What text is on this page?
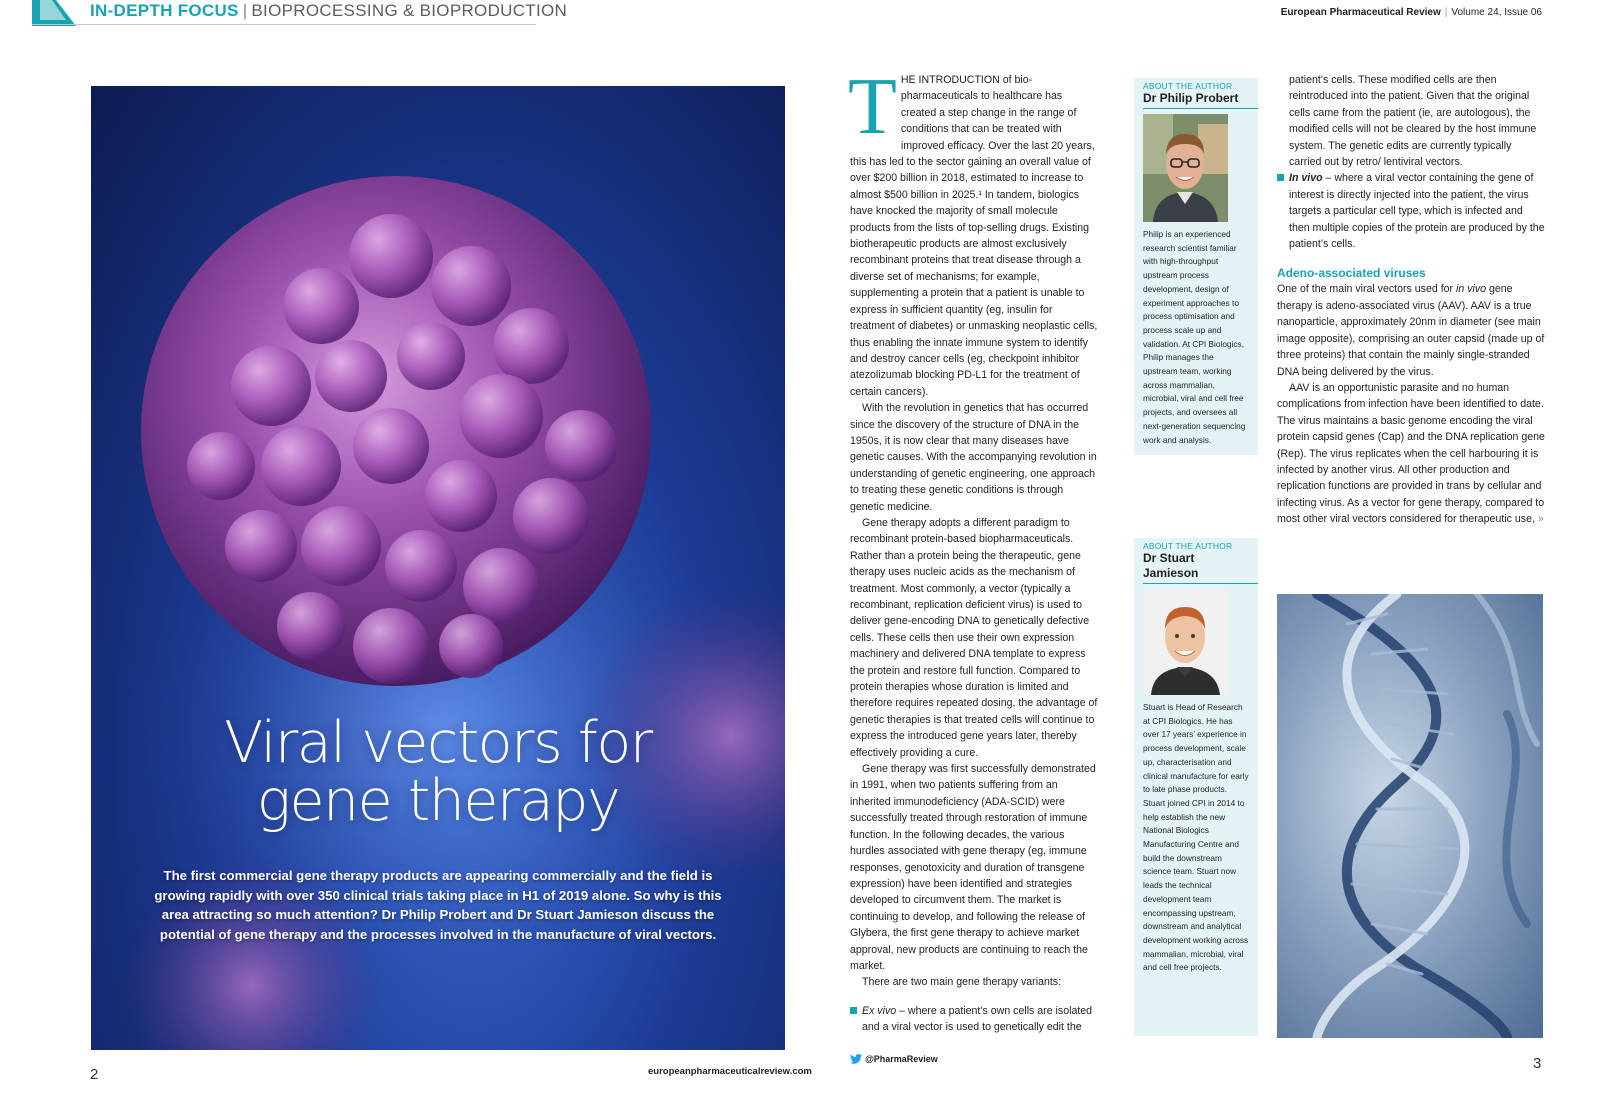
IN-DEPTH FOCUS | BIOPROCESSING & BIOPRODUCTION	European Pharmaceutical Review | Volume 24, Issue 06
Viral vectors for
gene therapy

The first commercial gene therapy products are appearing commercially and the field is growing rapidly with over 350 clinical trials taking place in H1 of 2019 alone. So why is this area attracting so much attention? Dr Philip Probert and Dr Stuart Jamieson discuss the potential of gene therapy and the processes involved in the manufacture of viral vectors.

2	europeanpharmaceuticalreview.com

THE INTRODUCTION of bio-pharmaceuticals to healthcare has created a step change in the range of conditions that can be treated with improved efficacy. Over the last 20 years, this has led to the sector gaining an overall value of over $200 billion in 2018, estimated to increase to almost $500 billion in 2025.¹ In tandem, biologics have knocked the majority of small molecule products from the lists of top-selling drugs. Existing biotherapeutic products are almost exclusively recombinant proteins that treat disease through a diverse set of mechanisms; for example, supplementing a protein that a patient is unable to express in sufficient quantity (eg, insulin for treatment of diabetes) or unmasking neoplastic cells, thus enabling the innate immune system to identify and destroy cancer cells (eg, checkpoint inhibitor atezolizumab blocking PD-L1 for the treatment of certain cancers).

With the revolution in genetics that has occurred since the discovery of the structure of DNA in the 1950s, it is now clear that many diseases have genetic causes. With the accompanying revolution in understanding of genetic engineering, one approach to treating these genetic conditions is through genetic medicine.

Gene therapy adopts a different paradigm to recombinant protein-based biopharmaceuticals. Rather than a protein being the therapeutic, gene therapy uses nucleic acids as the mechanism of treatment. Most commonly, a vector (typically a recombinant, replication deficient virus) is used to deliver gene-encoding DNA to genetically defective cells. These cells then use their own expression machinery and delivered DNA template to express the protein and restore full function. Compared to protein therapies whose duration is limited and therefore requires repeated dosing, the advantage of genetic therapies is that treated cells will continue to express the introduced gene years later, thereby effectively providing a cure.

Gene therapy was first successfully demonstrated in 1991, when two patients suffering from an inherited immunodeficiency (ADA-SCID) were successfully treated through restoration of immune function. In the following decades, the various hurdles associated with gene therapy (eg, immune responses, genotoxicity and duration of transgene expression) have been identified and strategies developed to circumvent them. The market is continuing to develop, and following the release of Glybera, the first gene therapy to achieve market approval, new products are continuing to reach the market.

There are two main gene therapy variants:

Ex vivo – where a patient’s own cells are isolated and a viral vector is used to genetically edit the

@PharmaReview
ABOUT THE AUTHOR
Dr Philip Probert

Philip is an experienced research scientist familiar with high-throughput upstream process development, design of experiment approaches to process optimisation and process scale up and validation. At CPI Biologics, Philip manages the upstream team, working across mammalian, microbial, viral and cell free projects, and oversees all next-generation sequencing work and analysis.

ABOUT THE AUTHOR
Dr Stuart Jamieson

Stuart is Head of Research at CPI Biologics. He has over 17 years’ experience in process development, scale up, characterisation and clinical manufacture for early to late phase products. Stuart joined CPI in 2014 to help establish the new National Biologics Manufacturing Centre and build the downstream science team. Stuart now leads the technical development team encompassing upstream, downstream and analytical development working across mammalian, microbial, viral and cell free projects.

patient’s cells. These modified cells are then reintroduced into the patient. Given that the original cells came from the patient (ie, are autologous), the modified cells will not be cleared by the host immune system. The genetic edits are currently typically carried out by retro/ lentiviral vectors.

In vivo – where a viral vector containing the gene of interest is directly injected into the patient, the virus targets a particular cell type, which is infected and then multiple copies of the protein are produced by the patient’s cells.

Adeno-associated viruses

One of the main viral vectors used for in vivo gene therapy is adeno-associated virus (AAV). AAV is a true nanoparticle, approximately 20nm in diameter (see main image opposite), comprising an outer capsid (made up of three proteins) that contain the mainly single-stranded DNA being delivered by the virus.

AAV is an opportunistic parasite and no human complications from infection have been identified to date. The virus maintains a basic genome encoding the viral protein capsid genes (Cap) and the DNA replication gene (Rep). The virus replicates when the cell harbouring it is infected by another virus. All other production and replication functions are provided in trans by cellular and infecting virus. As a vector for gene therapy, compared to most other viral vectors considered for therapeutic use, »

3
